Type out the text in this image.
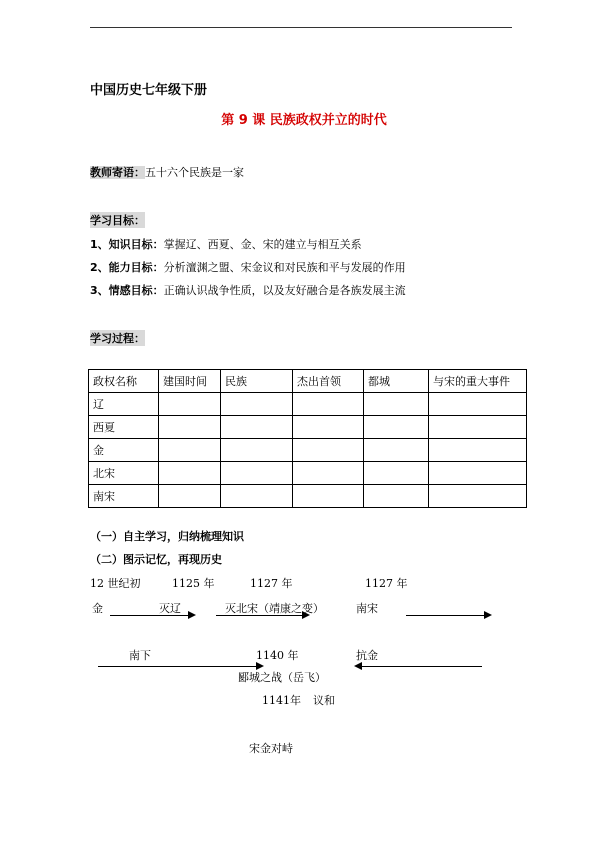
中国历史七年级下册
第 9 课 民族政权并立的时代
教师寄语：五十六个民族是一家
学习目标：
1、知识目标：掌握辽、西夏、金、宋的建立与相互关系
2、能力目标：分析澶渊之盟、宋金议和对民族和平与发展的作用
3、情感目标：正确认识战争性质，以及友好融合是各族发展主流
学习过程：
政权名称	建国时间	民族	杰出首领	都城	与宋的重大事件
辽					
西夏					
金					
北宋					
南宋					
（一）自主学习，归纳梳理知识
（二）图示记忆，再现历史
12 世纪初	1125 年	1127 年	1127 年
金	灭辽	灭北宋（靖康之变）	南宋
南下	1140 年	抗金
郾城之战（岳飞）
1141年 议和
宋金对峙
